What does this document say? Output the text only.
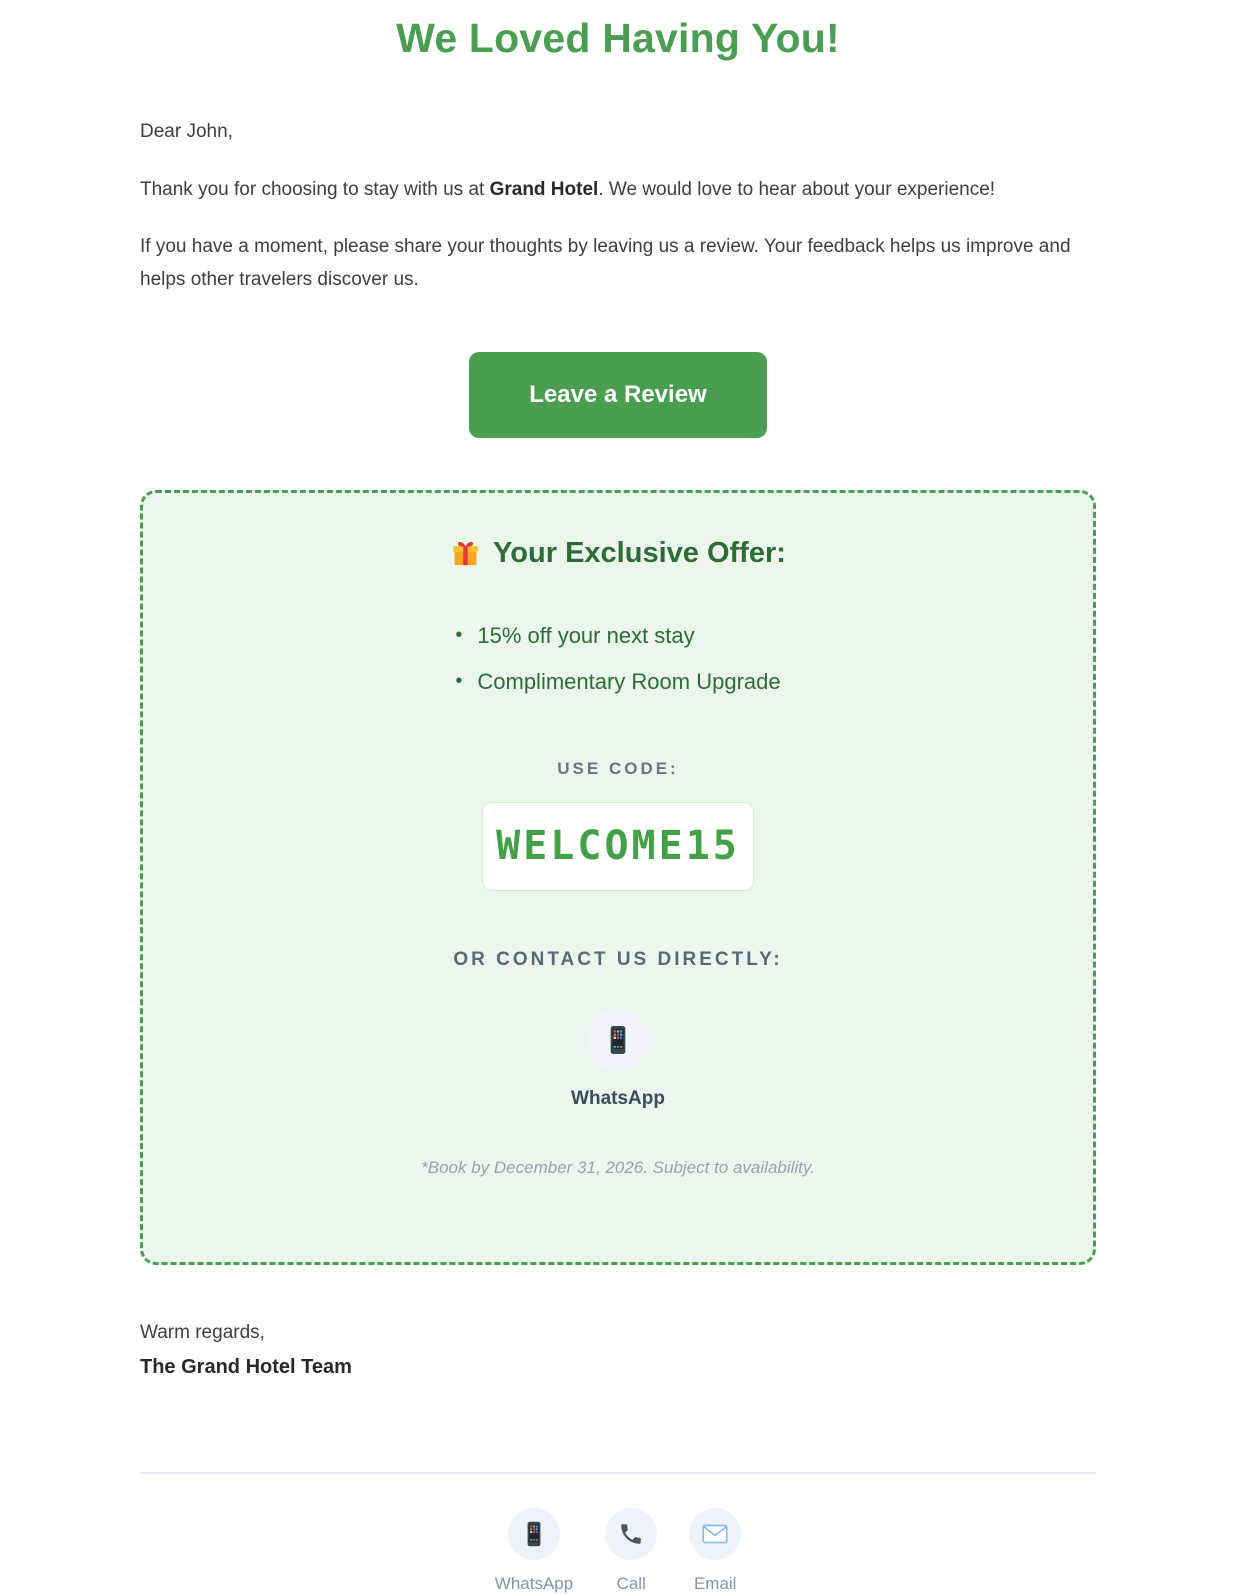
We Loved Having You!

Dear John,

Thank you for choosing to stay with us at Grand Hotel. We would love to hear about your experience!

If you have a moment, please share your thoughts by leaving us a review. Your feedback helps us improve and helps other travelers discover us.

Leave a Review
Your Exclusive Offer:
• 15% off your next stay
• Complimentary Room Upgrade
USE CODE:
WELCOME15
OR CONTACT US DIRECTLY:
WhatsApp
*Book by December 31, 2026. Subject to availability.

Warm regards,
The Grand Hotel Team

WhatsApp	Call	Email
